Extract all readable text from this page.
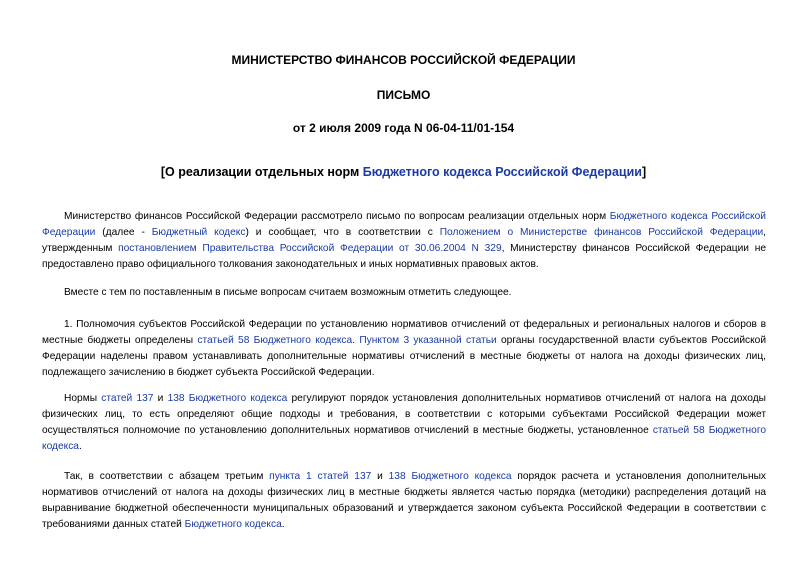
МИНИСТЕРСТВО ФИНАНСОВ РОССИЙСКОЙ ФЕДЕРАЦИИ
ПИСЬМО
от 2 июля 2009 года N 06-04-11/01-154
[О реализации отдельных норм Бюджетного кодекса Российской Федерации]

Министерство финансов Российской Федерации рассмотрело письмо по вопросам реализации отдельных норм Бюджетного кодекса Российской Федерации (далее - Бюджетный кодекс) и сообщает, что в соответствии с Положением о Министерстве финансов Российской Федерации, утвержденным постановлением Правительства Российской Федерации от 30.06.2004 N 329, Министерству финансов Российской Федерации не предоставлено право официального толкования законодательных и иных нормативных правовых актов.

Вместе с тем по поставленным в письме вопросам считаем возможным отметить следующее.

1. Полномочия субъектов Российской Федерации по установлению нормативов отчислений от федеральных и региональных налогов и сборов в местные бюджеты определены статьей 58 Бюджетного кодекса. Пунктом 3 указанной статьи органы государственной власти субъектов Российской Федерации наделены правом устанавливать дополнительные нормативы отчислений в местные бюджеты от налога на доходы физических лиц, подлежащего зачислению в бюджет субъекта Российской Федерации.

Нормы статей 137 и 138 Бюджетного кодекса регулируют порядок установления дополнительных нормативов отчислений от налога на доходы физических лиц, то есть определяют общие подходы и требования, в соответствии с которыми субъектами Российской Федерации может осуществляться полномочие по установлению дополнительных нормативов отчислений в местные бюджеты, установленное статьей 58 Бюджетного кодекса.

Так, в соответствии с абзацем третьим пункта 1 статей 137 и 138 Бюджетного кодекса порядок расчета и установления дополнительных нормативов отчислений от налога на доходы физических лиц в местные бюджеты является частью порядка (методики) распределения дотаций на выравнивание бюджетной обеспеченности муниципальных образований и утверждается законом субъекта Российской Федерации в соответствии с требованиями данных статей Бюджетного кодекса.
